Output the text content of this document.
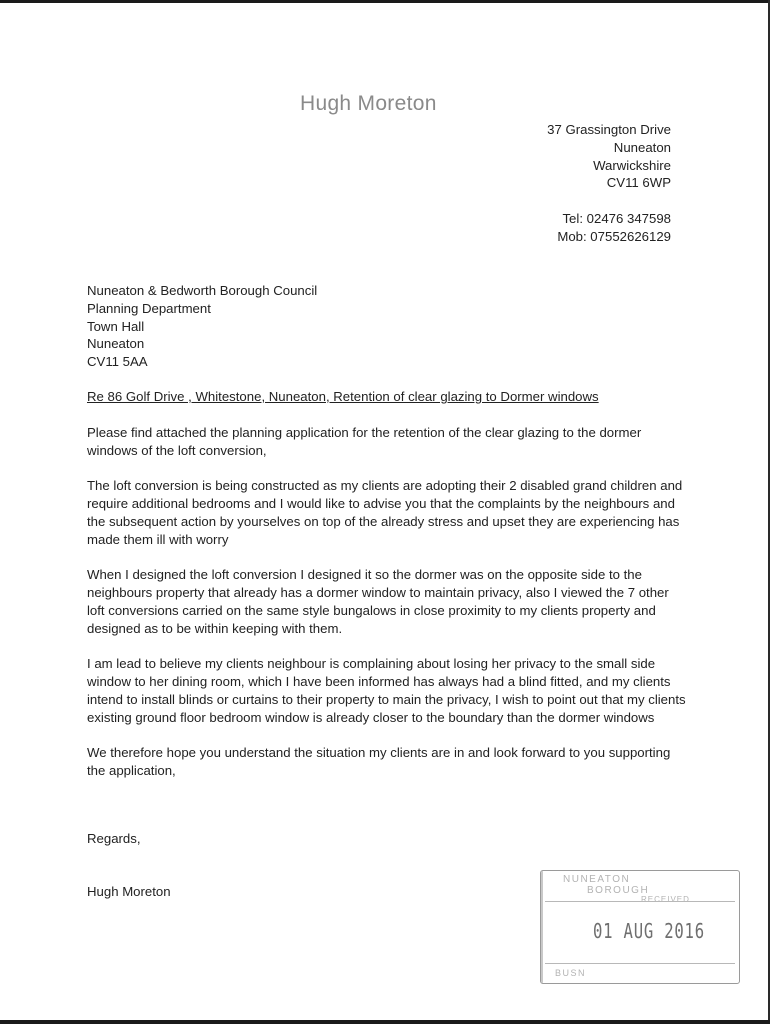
Hugh Moreton
37 Grassington Drive
Nuneaton
Warwickshire
CV11 6WP
Tel: 02476 347598
Mob: 07552626129
Nuneaton & Bedworth Borough Council
Planning Department
Town Hall
Nuneaton
CV11 5AA
Re 86 Golf Drive , Whitestone, Nuneaton, Retention of clear glazing to Dormer windows

Please find attached the planning application for the retention of the clear glazing to the dormer windows of the loft conversion,

The loft conversion is being constructed as my clients are adopting their 2 disabled grand children and require additional bedrooms and I would like to advise you that the complaints by the neighbours and the subsequent action by yourselves on top of the already stress and upset they are experiencing has made them ill with worry

When I designed the loft conversion I designed it so the dormer was on the opposite side to the neighbours property that already has a dormer window to maintain privacy, also I viewed the 7 other loft conversions carried on the same style bungalows in close proximity to my clients property and designed as to be within keeping with them.

I am lead to believe my clients neighbour is complaining about losing her privacy to the small side window to her dining room, which I have been informed has always had a blind fitted, and my clients intend to install blinds or curtains to their property to main the privacy, I wish to point out that my clients existing ground floor bedroom window is already closer to the boundary than the dormer windows

We therefore hope you understand the situation my clients are in and look forward to you supporting the application,

Regards,
Hugh Moreton
NUNEATON
BOROUGH
RECEIVED
01 AUG 2016
BUSN
